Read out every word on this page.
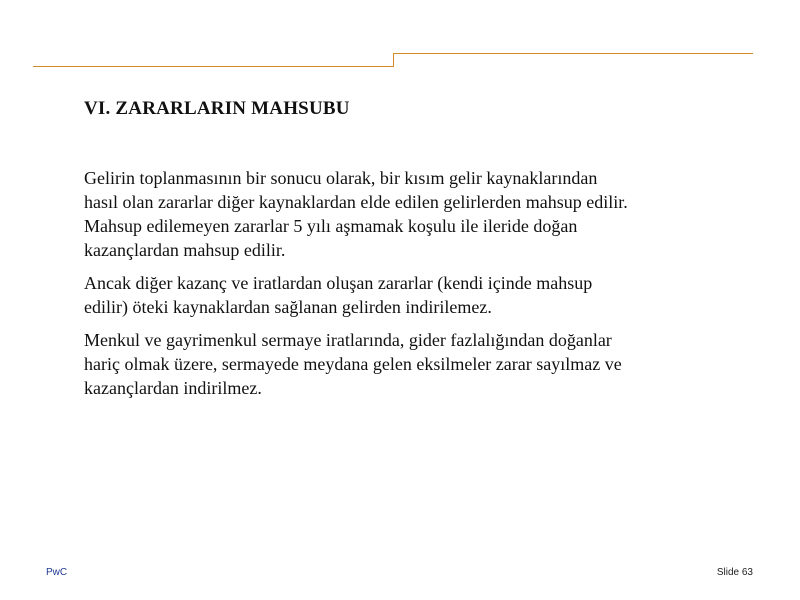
VI. ZARARLARIN MAHSUBU

Gelirin toplanmasının bir sonucu olarak, bir kısım gelir kaynaklarından
hasıl olan zararlar diğer kaynaklardan elde edilen gelirlerden mahsup edilir.
Mahsup edilemeyen zararlar 5 yılı aşmamak koşulu ile ileride doğan
kazançlardan mahsup edilir.

Ancak diğer kazanç ve iratlardan oluşan zararlar (kendi içinde mahsup
edilir) öteki kaynaklardan sağlanan gelirden indirilemez.

Menkul ve gayrimenkul sermaye iratlarında, gider fazlalığından doğanlar
hariç olmak üzere, sermayede meydana gelen eksilmeler zarar sayılmaz ve
kazançlardan indirilmez.

PwC	Slide 63
